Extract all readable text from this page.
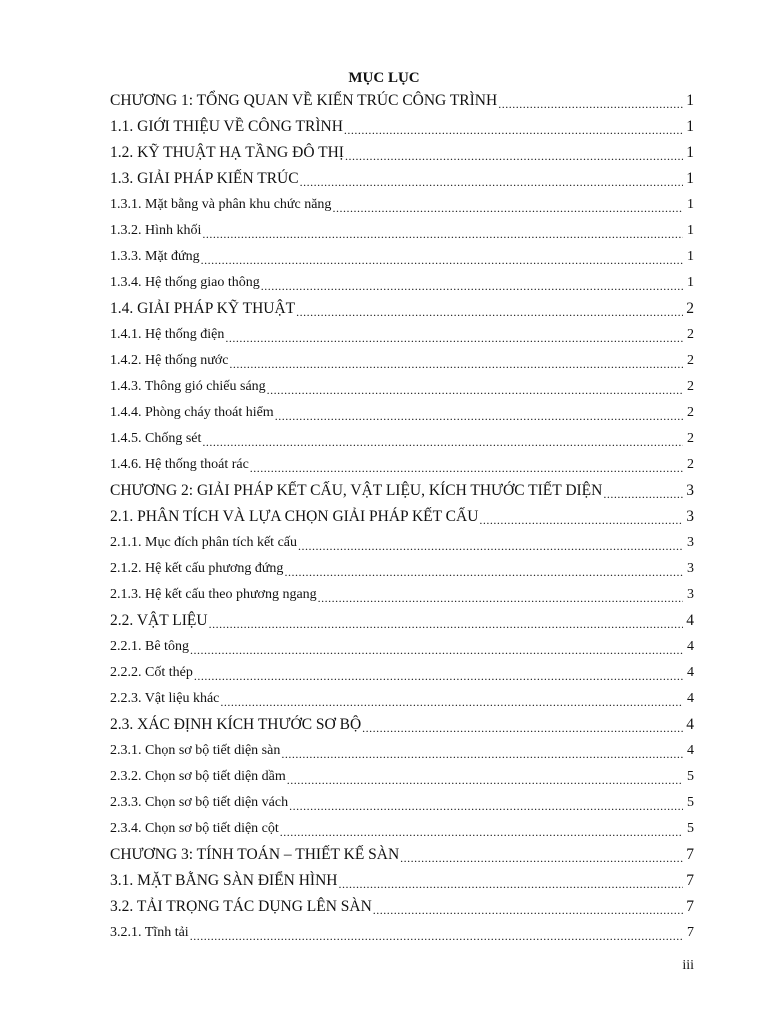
MỤC LỤC
CHƯƠNG 1: TỔNG QUAN VỀ KIẾN TRÚC CÔNG TRÌNH .....	1
1.1. GIỚI THIỆU VỀ CÔNG TRÌNH .....	1
1.2. KỸ THUẬT HẠ TẦNG ĐÔ THỊ .....	1
1.3. GIẢI PHÁP KIẾN TRÚC .....	1
1.3.1. Mặt bằng và phân khu chức năng .....	1
1.3.2. Hình khối .....	1
1.3.3. Mặt đứng .....	1
1.3.4. Hệ thống giao thông .....	1
1.4. GIẢI PHÁP KỸ THUẬT .....	2
1.4.1. Hệ thống điện .....	2
1.4.2. Hệ thống nước .....	2
1.4.3. Thông gió chiếu sáng .....	2
1.4.4. Phòng cháy thoát hiểm .....	2
1.4.5. Chống sét .....	2
1.4.6. Hệ thống thoát rác .....	2
CHƯƠNG 2: GIẢI PHÁP KẾT CẤU, VẬT LIỆU, KÍCH THƯỚC TIẾT DIỆN .....	3
2.1. PHÂN TÍCH VÀ LỰA CHỌN GIẢI PHÁP KẾT CẤU .....	3
2.1.1. Mục đích phân tích kết cấu .....	3
2.1.2. Hệ kết cấu phương đứng .....	3
2.1.3. Hệ kết cấu theo phương ngang .....	3
2.2. VẬT LIỆU .....	4
2.2.1. Bê tông .....	4
2.2.2. Cốt thép .....	4
2.2.3. Vật liệu khác .....	4
2.3. XÁC ĐỊNH KÍCH THƯỚC SƠ BỘ .....	4
2.3.1. Chọn sơ bộ tiết diện sàn .....	4
2.3.2. Chọn sơ bộ tiết diện dầm .....	5
2.3.3. Chọn sơ bộ tiết diện vách .....	5
2.3.4. Chọn sơ bộ tiết diện cột .....	5
CHƯƠNG 3: TÍNH TOÁN – THIẾT KẾ SÀN .....	7
3.1. MẶT BẰNG SÀN ĐIỂN HÌNH .....	7
3.2. TẢI TRỌNG TÁC DỤNG LÊN SÀN .....	7
3.2.1. Tĩnh tải .....	7
iii
